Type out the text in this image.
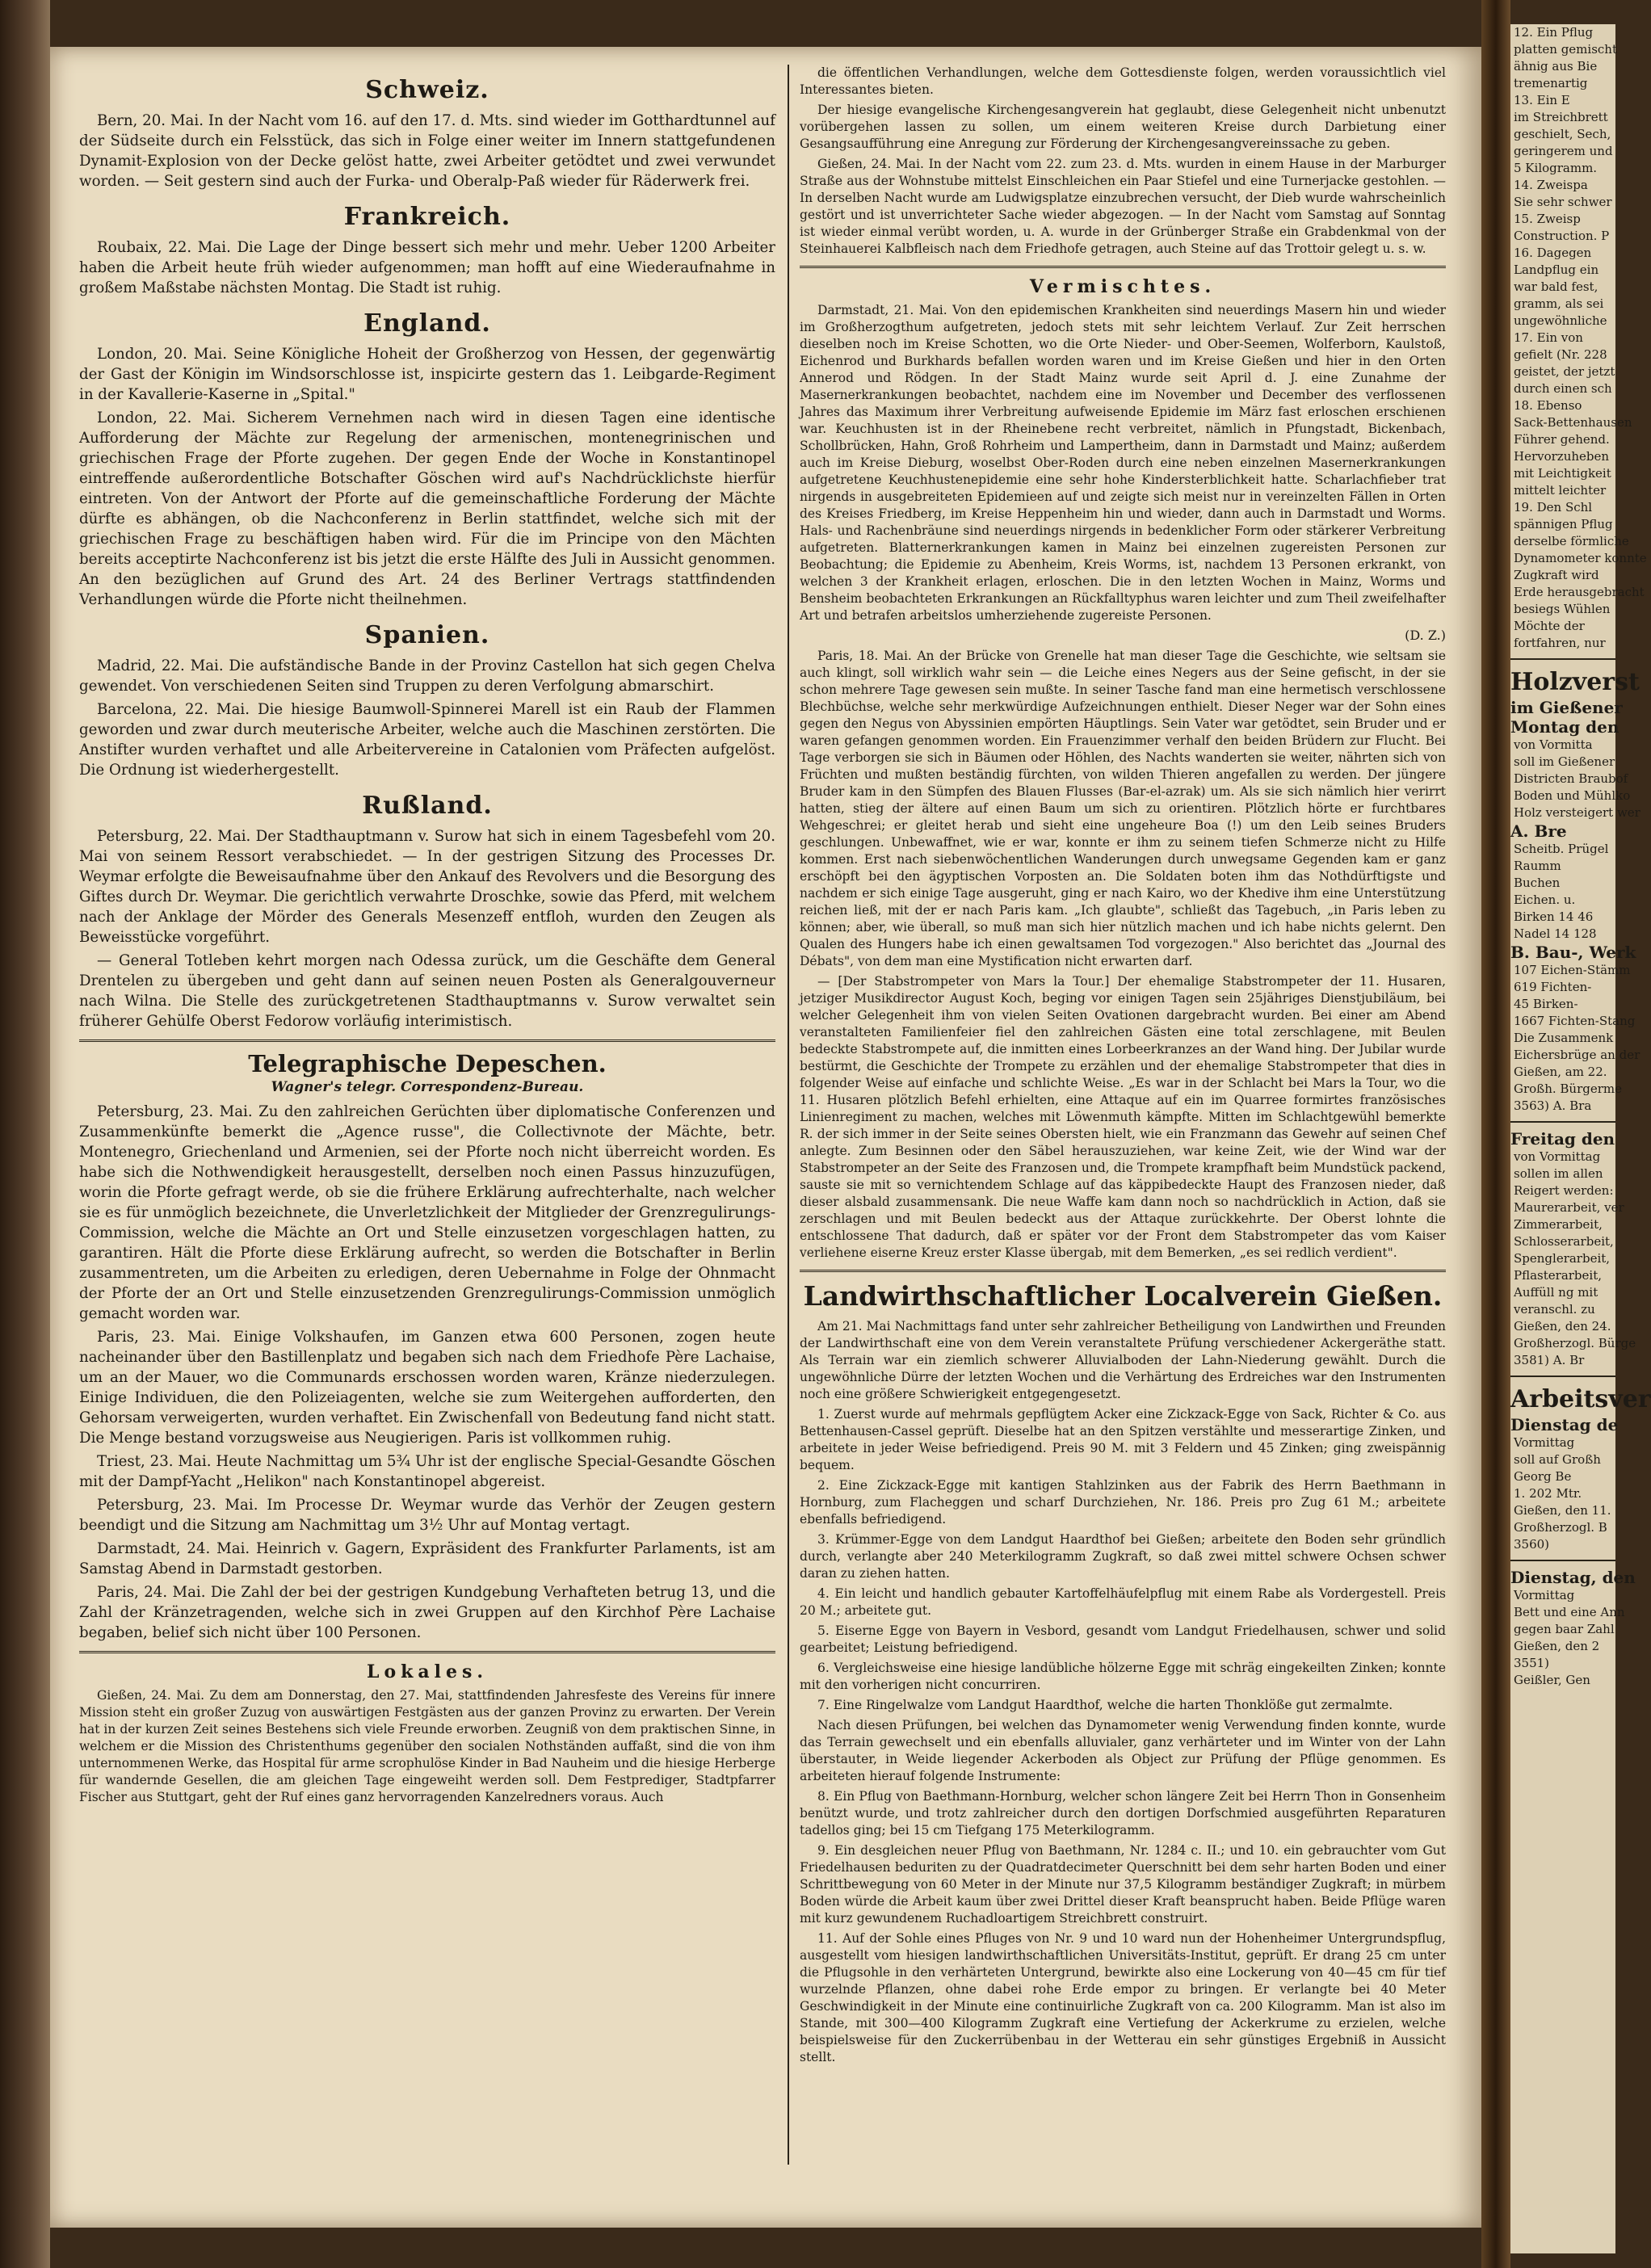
Schweiz.

Bern, 20. Mai. In der Nacht vom 16. auf den 17. d. Mts. sind wieder im Gotthardtunnel auf der Südseite durch ein Felsstück, das sich in Folge einer weiter im Innern stattgefundenen Dynamit-Explosion von der Decke gelöst hatte, zwei Arbeiter getödtet und zwei verwundet worden. — Seit gestern sind auch der Furka- und Oberalp-Paß wieder für Räderwerk frei.

Frankreich.

Roubaix, 22. Mai. Die Lage der Dinge bessert sich mehr und mehr. Ueber 1200 Arbeiter haben die Arbeit heute früh wieder aufgenommen; man hofft auf eine Wiederaufnahme in großem Maßstabe nächsten Montag. Die Stadt ist ruhig.

England.

London, 20. Mai. Seine Königliche Hoheit der Großherzog von Hessen, der gegenwärtig der Gast der Königin im Windsorschlosse ist, inspicirte gestern das 1. Leibgarde-Regiment in der Kavallerie-Kaserne in „Spital."

London, 22. Mai. Sicherem Vernehmen nach wird in diesen Tagen eine identische Aufforderung der Mächte zur Regelung der armenischen, montenegrinischen und griechischen Frage der Pforte zugehen. Der gegen Ende der Woche in Konstantinopel eintreffende außerordentliche Botschafter Göschen wird auf's Nachdrücklichste hierfür eintreten. Von der Antwort der Pforte auf die gemeinschaftliche Forderung der Mächte dürfte es abhängen, ob die Nachconferenz in Berlin stattfindet, welche sich mit der griechischen Frage zu beschäftigen haben wird. Für die im Principe von den Mächten bereits acceptirte Nachconferenz ist bis jetzt die erste Hälfte des Juli in Aussicht genommen. An den bezüglichen auf Grund des Art. 24 des Berliner Vertrags stattfindenden Verhandlungen würde die Pforte nicht theilnehmen.

Spanien.

Madrid, 22. Mai. Die aufständische Bande in der Provinz Castellon hat sich gegen Chelva gewendet. Von verschiedenen Seiten sind Truppen zu deren Verfolgung abmarschirt.

Barcelona, 22. Mai. Die hiesige Baumwoll-Spinnerei Marell ist ein Raub der Flammen geworden und zwar durch meuterische Arbeiter, welche auch die Maschinen zerstörten. Die Anstifter wurden verhaftet und alle Arbeitervereine in Catalonien vom Präfecten aufgelöst. Die Ordnung ist wiederhergestellt.

Rußland.

Petersburg, 22. Mai. Der Stadthauptmann v. Surow hat sich in einem Tagesbefehl vom 20. Mai von seinem Ressort verabschiedet. — In der gestrigen Sitzung des Processes Dr. Weymar erfolgte die Beweisaufnahme über den Ankauf des Revolvers und die Besorgung des Giftes durch Dr. Weymar. Die gerichtlich verwahrte Droschke, sowie das Pferd, mit welchem nach der Anklage der Mörder des Generals Mesenzeff entfloh, wurden den Zeugen als Beweisstücke vorgeführt.

— General Totleben kehrt morgen nach Odessa zurück, um die Geschäfte dem General Drentelen zu übergeben und geht dann auf seinen neuen Posten als Generalgouverneur nach Wilna. Die Stelle des zurückgetretenen Stadthauptmanns v. Surow verwaltet sein früherer Gehülfe Oberst Fedorow vorläufig interimistisch.

Telegraphische Depeschen.
Wagner's telegr. Correspondenz-Bureau.

Petersburg, 23. Mai. Zu den zahlreichen Gerüchten über diplomatische Conferenzen und Zusammenkünfte bemerkt die „Agence russe", die Collectivnote der Mächte, betr. Montenegro, Griechenland und Armenien, sei der Pforte noch nicht überreicht worden. Es habe sich die Nothwendigkeit herausgestellt, derselben noch einen Passus hinzuzufügen, worin die Pforte gefragt werde, ob sie die frühere Erklärung aufrechterhalte, nach welcher sie es für unmöglich bezeichnete, die Unverletzlichkeit der Mitglieder der Grenzregulirungs-Commission, welche die Mächte an Ort und Stelle einzusetzen vorgeschlagen hatten, zu garantiren. Hält die Pforte diese Erklärung aufrecht, so werden die Botschafter in Berlin zusammentreten, um die Arbeiten zu erledigen, deren Uebernahme in Folge der Ohnmacht der Pforte der an Ort und Stelle einzusetzenden Grenzregulirungs-Commission unmöglich gemacht worden war.

Paris, 23. Mai. Einige Volkshaufen, im Ganzen etwa 600 Personen, zogen heute nacheinander über den Bastillenplatz und begaben sich nach dem Friedhofe Père Lachaise, um an der Mauer, wo die Communards erschossen worden waren, Kränze niederzulegen. Einige Individuen, die den Polizeiagenten, welche sie zum Weitergehen aufforderten, den Gehorsam verweigerten, wurden verhaftet. Ein Zwischenfall von Bedeutung fand nicht statt. Die Menge bestand vorzugsweise aus Neugierigen. Paris ist vollkommen ruhig.

Triest, 23. Mai. Heute Nachmittag um 5¾ Uhr ist der englische Special-Gesandte Göschen mit der Dampf-Yacht „Helikon" nach Konstantinopel abgereist.

Petersburg, 23. Mai. Im Processe Dr. Weymar wurde das Verhör der Zeugen gestern beendigt und die Sitzung am Nachmittag um 3½ Uhr auf Montag vertagt.

Darmstadt, 24. Mai. Heinrich v. Gagern, Expräsident des Frankfurter Parlaments, ist am Samstag Abend in Darmstadt gestorben.

Paris, 24. Mai. Die Zahl der bei der gestrigen Kundgebung Verhafteten betrug 13, und die Zahl der Kränzetragenden, welche sich in zwei Gruppen auf den Kirchhof Père Lachaise begaben, belief sich nicht über 100 Personen.

Lokales.

Gießen, 24. Mai. Zu dem am Donnerstag, den 27. Mai, stattfindenden Jahresfeste des Vereins für innere Mission steht ein großer Zuzug von auswärtigen Festgästen aus der ganzen Provinz zu erwarten. Der Verein hat in der kurzen Zeit seines Bestehens sich viele Freunde erworben. Zeugniß von dem praktischen Sinne, in welchem er die Mission des Christenthums gegenüber den socialen Nothständen auffaßt, sind die von ihm unternommenen Werke, das Hospital für arme scrophulöse Kinder in Bad Nauheim und die hiesige Herberge für wandernde Gesellen, die am gleichen Tage eingeweiht werden soll. Dem Festprediger, Stadtpfarrer Fischer aus Stuttgart, geht der Ruf eines ganz hervorragenden Kanzelredners voraus. Auch

die öffentlichen Verhandlungen, welche dem Gottesdienste folgen, werden voraussichtlich viel Interessantes bieten.

Der hiesige evangelische Kirchengesangverein hat geglaubt, diese Gelegenheit nicht unbenutzt vorübergehen lassen zu sollen, um einem weiteren Kreise durch Darbietung einer Gesangsaufführung eine Anregung zur Förderung der Kirchengesangvereinssache zu geben.

Gießen, 24. Mai. In der Nacht vom 22. zum 23. d. Mts. wurden in einem Hause in der Marburger Straße aus der Wohnstube mittelst Einschleichen ein Paar Stiefel und eine Turnerjacke gestohlen. — In derselben Nacht wurde am Ludwigsplatze einzubrechen versucht, der Dieb wurde wahrscheinlich gestört und ist unverrichteter Sache wieder abgezogen. — In der Nacht vom Samstag auf Sonntag ist wieder einmal verübt worden, u. A. wurde in der Grünberger Straße ein Grabdenkmal von der Steinhauerei Kalbfleisch nach dem Friedhofe getragen, auch Steine auf das Trottoir gelegt u. s. w.

Vermischtes.

Darmstadt, 21. Mai. Von den epidemischen Krankheiten sind neuerdings Masern hin und wieder im Großherzogthum aufgetreten, jedoch stets mit sehr leichtem Verlauf. Zur Zeit herrschen dieselben noch im Kreise Schotten, wo die Orte Nieder- und Ober-Seemen, Wolferborn, Kaulstoß, Eichenrod und Burkhards befallen worden waren und im Kreise Gießen und hier in den Orten Annerod und Rödgen. In der Stadt Mainz wurde seit April d. J. eine Zunahme der Masernerkrankungen beobachtet, nachdem eine im November und December des verflossenen Jahres das Maximum ihrer Verbreitung aufweisende Epidemie im März fast erloschen erschienen war. Keuchhusten ist in der Rheinebene recht verbreitet, nämlich in Pfungstadt, Bickenbach, Schollbrücken, Hahn, Groß Rohrheim und Lampertheim, dann in Darmstadt und Mainz; außerdem auch im Kreise Dieburg, woselbst Ober-Roden durch eine neben einzelnen Masernerkrankungen aufgetretene Keuchhustenepidemie eine sehr hohe Kindersterblichkeit hatte. Scharlachfieber trat nirgends in ausgebreiteten Epidemieen auf und zeigte sich meist nur in vereinzelten Fällen in Orten des Kreises Friedberg, im Kreise Heppenheim hin und wieder, dann auch in Darmstadt und Worms. Hals- und Rachenbräune sind neuerdings nirgends in bedenklicher Form oder stärkerer Verbreitung aufgetreten. Blatternerkrankungen kamen in Mainz bei einzelnen zugereisten Personen zur Beobachtung; die Epidemie zu Abenheim, Kreis Worms, ist, nachdem 13 Personen erkrankt, von welchen 3 der Krankheit erlagen, erloschen. Die in den letzten Wochen in Mainz, Worms und Bensheim beobachteten Erkrankungen an Rückfalltyphus waren leichter und zum Theil zweifelhafter Art und betrafen arbeitslos umherziehende zugereiste Personen.

(D. Z.)

Paris, 18. Mai. An der Brücke von Grenelle hat man dieser Tage die Geschichte, wie seltsam sie auch klingt, soll wirklich wahr sein — die Leiche eines Negers aus der Seine gefischt, in der sie schon mehrere Tage gewesen sein mußte. In seiner Tasche fand man eine hermetisch verschlossene Blechbüchse, welche sehr merkwürdige Aufzeichnungen enthielt. Dieser Neger war der Sohn eines gegen den Negus von Abyssinien empörten Häuptlings. Sein Vater war getödtet, sein Bruder und er waren gefangen genommen worden. Ein Frauenzimmer verhalf den beiden Brüdern zur Flucht. Bei Tage verborgen sie sich in Bäumen oder Höhlen, des Nachts wanderten sie weiter, nährten sich von Früchten und mußten beständig fürchten, von wilden Thieren angefallen zu werden. Der jüngere Bruder kam in den Sümpfen des Blauen Flusses (Bar-el-azrak) um. Als sie sich nämlich hier verirrt hatten, stieg der ältere auf einen Baum um sich zu orientiren. Plötzlich hörte er furchtbares Wehgeschrei; er gleitet herab und sieht eine ungeheure Boa (!) um den Leib seines Bruders geschlungen. Unbewaffnet, wie er war, konnte er ihm zu seinem tiefen Schmerze nicht zu Hilfe kommen. Erst nach siebenwöchentlichen Wanderungen durch unwegsame Gegenden kam er ganz erschöpft bei den ägyptischen Vorposten an. Die Soldaten boten ihm das Nothdürftigste und nachdem er sich einige Tage ausgeruht, ging er nach Kairo, wo der Khedive ihm eine Unterstützung reichen ließ, mit der er nach Paris kam. „Ich glaubte", schließt das Tagebuch, „in Paris leben zu können; aber, wie überall, so muß man sich hier nützlich machen und ich habe nichts gelernt. Den Qualen des Hungers habe ich einen gewaltsamen Tod vorgezogen." Also berichtet das „Journal des Débats", von dem man eine Mystification nicht erwarten darf.

— [Der Stabstrompeter von Mars la Tour.] Der ehemalige Stabstrompeter der 11. Husaren, jetziger Musikdirector August Koch, beging vor einigen Tagen sein 25jähriges Dienstjubiläum, bei welcher Gelegenheit ihm von vielen Seiten Ovationen dargebracht wurden. Bei einer am Abend veranstalteten Familienfeier fiel den zahlreichen Gästen eine total zerschlagene, mit Beulen bedeckte Stabstrompete auf, die inmitten eines Lorbeerkranzes an der Wand hing. Der Jubilar wurde bestürmt, die Geschichte der Trompete zu erzählen und der ehemalige Stabstrompeter that dies in folgender Weise auf einfache und schlichte Weise. „Es war in der Schlacht bei Mars la Tour, wo die 11. Husaren plötzlich Befehl erhielten, eine Attaque auf ein im Quarree formirtes französisches Linienregiment zu machen, welches mit Löwenmuth kämpfte. Mitten im Schlachtgewühl bemerkte R. der sich immer in der Seite seines Obersten hielt, wie ein Franzmann das Gewehr auf seinen Chef anlegte. Zum Besinnen oder den Säbel herauszuziehen, war keine Zeit, wie der Wind war der Stabstrompeter an der Seite des Franzosen und, die Trompete krampfhaft beim Mundstück packend, sauste sie mit so vernichtendem Schlage auf das käppibedeckte Haupt des Franzosen nieder, daß dieser alsbald zusammensank. Die neue Waffe kam dann noch so nachdrücklich in Action, daß sie zerschlagen und mit Beulen bedeckt aus der Attaque zurückkehrte. Der Oberst lohnte die entschlossene That dadurch, daß er später vor der Front dem Stabstrompeter das vom Kaiser verliehene eiserne Kreuz erster Klasse übergab, mit dem Bemerken, „es sei redlich verdient".

Landwirthschaftlicher Localverein Gießen.

Am 21. Mai Nachmittags fand unter sehr zahlreicher Betheiligung von Landwirthen und Freunden der Landwirthschaft eine von dem Verein veranstaltete Prüfung verschiedener Ackergeräthe statt. Als Terrain war ein ziemlich schwerer Alluvialboden der Lahn-Niederung gewählt. Durch die ungewöhnliche Dürre der letzten Wochen und die Verhärtung des Erdreiches war den Instrumenten noch eine größere Schwierigkeit entgegengesetzt.

1. Zuerst wurde auf mehrmals gepflügtem Acker eine Zickzack-Egge von Sack, Richter & Co. aus Bettenhausen-Cassel geprüft. Dieselbe hat an den Spitzen verstählte und messerartige Zinken, und arbeitete in jeder Weise befriedigend. Preis 90 M. mit 3 Feldern und 45 Zinken; ging zweispännig bequem.

2. Eine Zickzack-Egge mit kantigen Stahlzinken aus der Fabrik des Herrn Baethmann in Hornburg, zum Flacheggen und scharf Durchziehen, Nr. 186. Preis pro Zug 61 M.; arbeitete ebenfalls befriedigend.

3. Krümmer-Egge von dem Landgut Haardthof bei Gießen; arbeitete den Boden sehr gründlich durch, verlangte aber 240 Meterkilogramm Zugkraft, so daß zwei mittel schwere Ochsen schwer daran zu ziehen hatten.

4. Ein leicht und handlich gebauter Kartoffelhäufelpflug mit einem Rabe als Vordergestell. Preis 20 M.; arbeitete gut.

5. Eiserne Egge von Bayern in Vesbord, gesandt vom Landgut Friedelhausen, schwer und solid gearbeitet; Leistung befriedigend.

6. Vergleichsweise eine hiesige landübliche hölzerne Egge mit schräg eingekeilten Zinken; konnte mit den vorherigen nicht concurriren.

7. Eine Ringelwalze vom Landgut Haardthof, welche die harten Thonklöße gut zermalmte.

Nach diesen Prüfungen, bei welchen das Dynamometer wenig Verwendung finden konnte, wurde das Terrain gewechselt und ein ebenfalls alluvialer, ganz verhärteter und im Winter von der Lahn überstauter, in Weide liegender Ackerboden als Object zur Prüfung der Pflüge genommen. Es arbeiteten hierauf folgende Instrumente:

8. Ein Pflug von Baethmann-Hornburg, welcher schon längere Zeit bei Herrn Thon in Gonsenheim benützt wurde, und trotz zahlreicher durch den dortigen Dorfschmied ausgeführten Reparaturen tadellos ging; bei 15 cm Tiefgang 175 Meterkilogramm.

9. Ein desgleichen neuer Pflug von Baethmann, Nr. 1284 c. II.; und 10. ein gebrauchter vom Gut Friedelhausen beduriten zu der Quadratdecimeter Querschnitt bei dem sehr harten Boden und einer Schrittbewegung von 60 Meter in der Minute nur 37,5 Kilogramm beständiger Zugkraft; in mürbem Boden würde die Arbeit kaum über zwei Drittel dieser Kraft beansprucht haben. Beide Pflüge waren mit kurz gewundenem Ruchadloartigem Streichbrett construirt.

11. Auf der Sohle eines Pfluges von Nr. 9 und 10 ward nun der Hohenheimer Untergrundspflug, ausgestellt vom hiesigen landwirthschaftlichen Universitäts-Institut, geprüft. Er drang 25 cm unter die Pflugsohle in den verhärteten Untergrund, bewirkte also eine Lockerung von 40—45 cm für tief wurzelnde Pflanzen, ohne dabei rohe Erde empor zu bringen. Er verlangte bei 40 Meter Geschwindigkeit in der Minute eine continuirliche Zugkraft von ca. 200 Kilogramm. Man ist also im Stande, mit 300—400 Kilogramm Zugkraft eine Vertiefung der Ackerkrume zu erzielen, welche beispielsweise für den Zuckerrübenbau in der Wetterau ein sehr günstiges Ergebniß in Aussicht stellt.

12. Ein Pflug
platten gemischt
ähnig aus Bie
tremenartig
13. Ein E
im Streichbrett
geschielt, Sech,
geringerem und
5 Kilogramm.
14. Zweispa
Sie sehr schwer
15. Zweisp
Construction. P
16. Dagegen
Landpflug ein
war bald fest,
gramm, als sei
ungewöhnliche
17. Ein von
gefielt (Nr. 228
geistet, der jetzt
durch einen sch
18. Ebenso
Sack-Bettenhausen
Führer gehend.
Hervorzuheben
mit Leichtigkeit
mittelt leichter
19. Den Schl
spännigen Pflug
derselbe förmliche
Dynamometer konnte
Zugkraft wird
Erde herausgebracht
besiegs Wühlen
Möchte der
fortfahren, nur
Holzverst
im Gießener
Montag den
von Vormitta
soll im Gießener
Districten Braubof
Boden und Mühlko
Holz versteigert wer
A. Bre
Scheitb. Prügel
Raumm
Buchen
Eichen. u.
Birken 14 46
Nadel 14 128
B. Bau-, Werk
107 Eichen-Stämm
619 Fichten-
45 Birken-
1667 Fichten-Stang
Die Zusammenk
Eichersbrüge an der
Gießen, am 22.
Großh. Bürgerme
3563) A. Bra
Freitag den
von Vormittag
sollen im allen
Reigert werden:
Maurerarbeit, ver
Zimmerarbeit,
Schlosserarbeit,
Spenglerarbeit,
Pflasterarbeit,
Auffüll ng mit
veranschl. zu
Gießen, den 24.
Großherzogl. Bürge
3581) A. Br
Arbeitsver
Dienstag de
Vormittag
soll auf Großh
Georg Be
1. 202 Mtr.
Gießen, den 11.
Großherzogl. B
3560)
Dienstag, den
Vormittag
Bett und eine Ann
gegen baar Zahl
Gießen, den 2
3551)
Geißler, Gen
